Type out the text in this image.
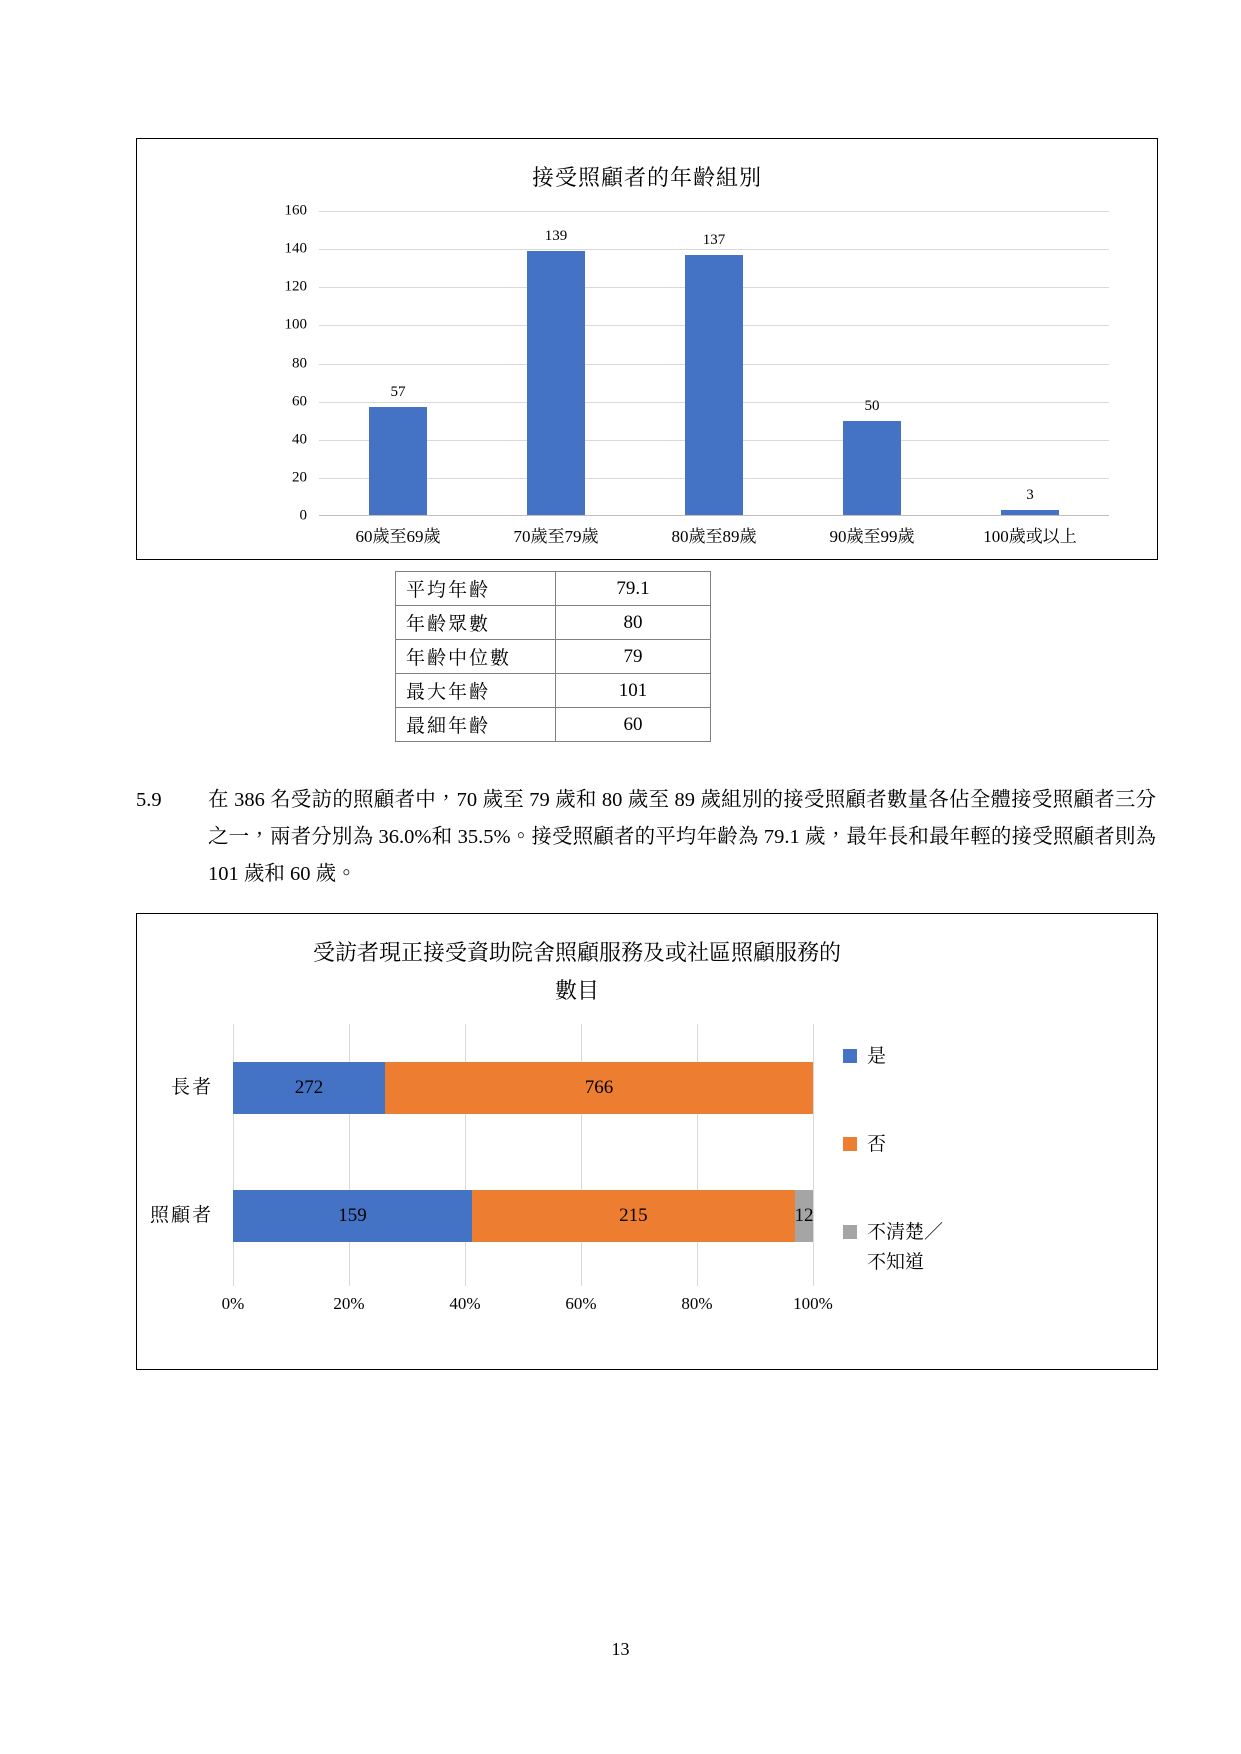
接受照顧者的年齡組別
0
20
40
60
80
100
120
140
160
57
139	137
50
3
60歲至69歲	70歲至79歲	80歲至89歲	90歲至99歲	100歲或以上
平均年齡	79.1
年齡眾數	80
年齡中位數	79
最大年齡	101
最細年齡	60
5.9 在 386 名受訪的照顧者中，70 歲至 79 歲和 80 歲至 89 歲組別的接受照顧者數量各佔全體接受照顧者三分之一，兩者分別為 36.0%和 35.5%。接受照顧者的平均年齡為 79.1 歲，最年長和最年輕的接受照顧者則為 101 歲和 60 歲。
受訪者現正接受資助院舍照顧服務及或社區照顧服務的
數目
長者	272	766
照顧者	159	215	12
0%	20%	40%	60%	80%	100%
是
否
不清楚／
不知道
13
